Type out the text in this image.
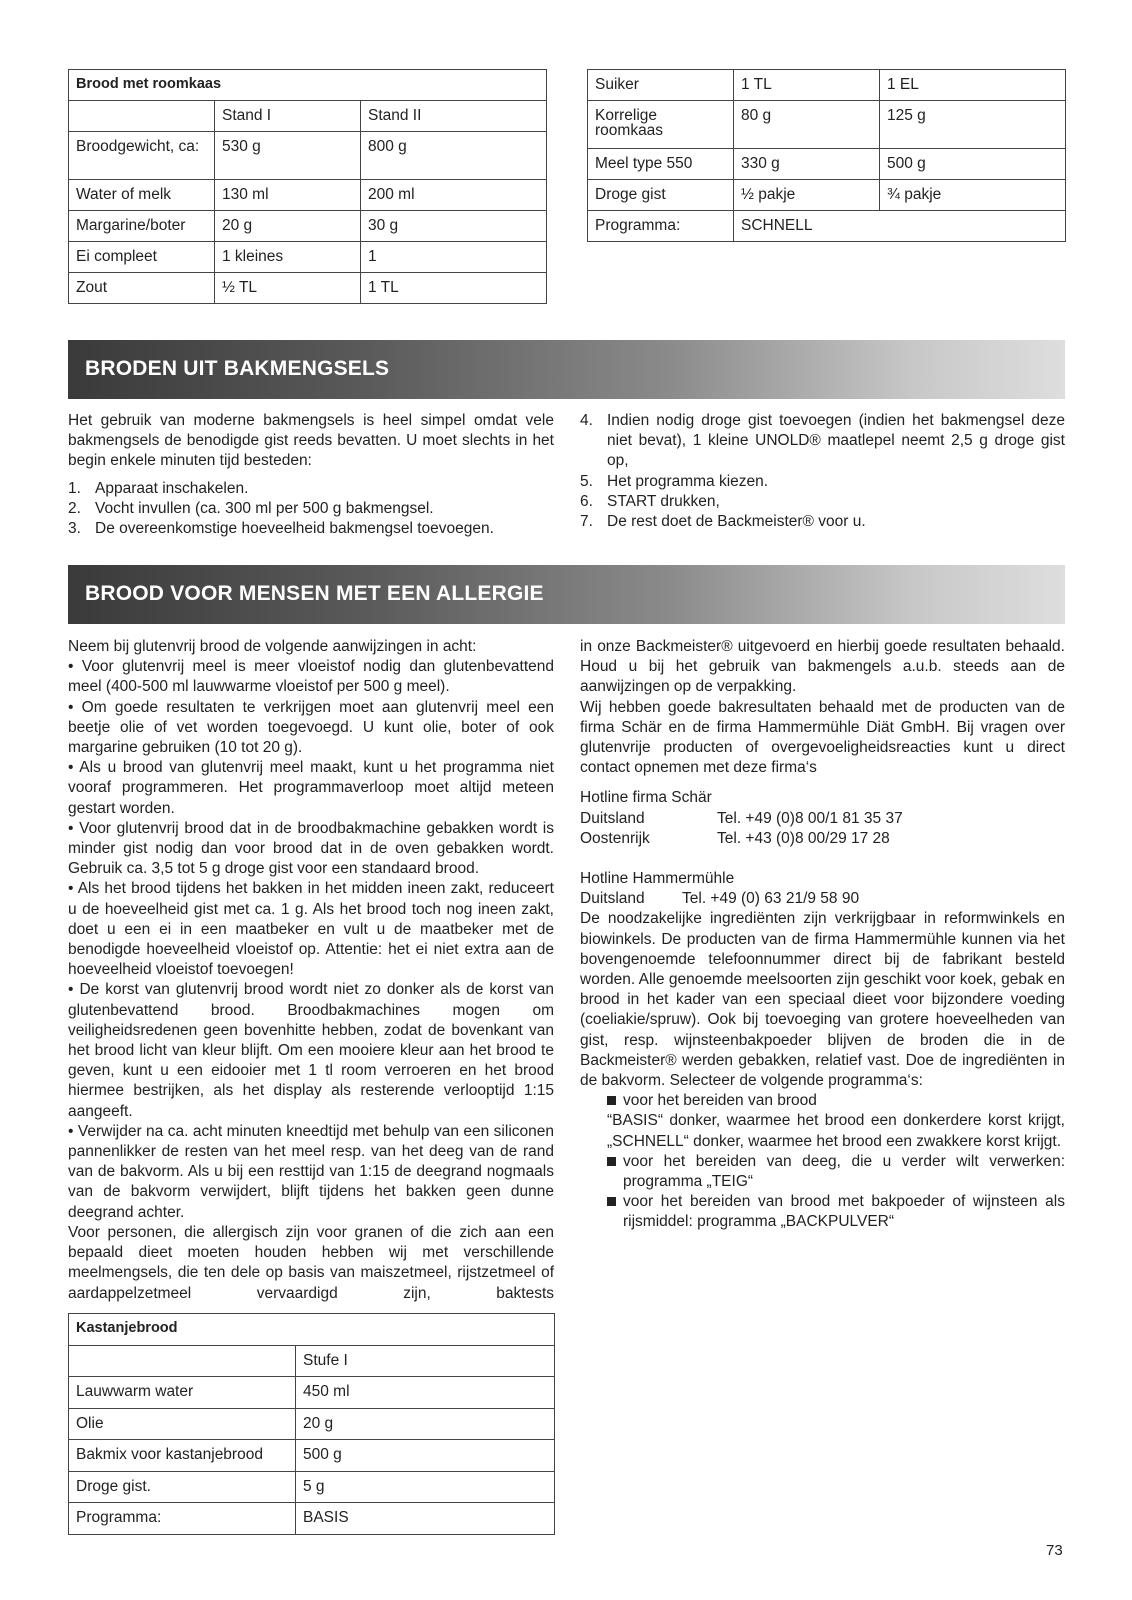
Brood met roomkaas		
	Stand I	Stand II
Broodgewicht, ca:	530 g	800 g
Water of melk	130 ml	200 ml
Margarine/boter	20 g	30 g
Ei compleet	1 kleines	1
Zout	½ TL	1 TL
Suiker	1 TL	1 EL
Korrelige roomkaas	80 g	125 g
Meel type 550	330 g	500 g
Droge gist	½ pakje	¾ pakje
Programma:	SCHNELL	
BRODEN UIT BAKMENGSELS

Het gebruik van moderne bakmengsels is heel simpel omdat vele bakmengsels de benodigde gist reeds bevatten. U moet slechts in het begin enkele minuten tijd besteden:

1. Apparaat inschakelen.
2. Vocht invullen (ca. 300 ml per 500 g bakmengsel.
3. De overeenkomstige hoeveelheid bakmengsel toevoegen.
4. Indien nodig droge gist toevoegen (indien het bakmengsel deze niet bevat), 1 kleine UNOLD® maatlepel neemt 2,5 g droge gist op,
5. Het programma kiezen.
6. START drukken,
7. De rest doet de Backmeister® voor u.
BROOD VOOR MENSEN MET EEN ALLERGIE

Neem bij glutenvrij brood de volgende aanwijzingen in acht:

• Voor glutenvrij meel is meer vloeistof nodig dan glutenbevattend meel (400-500 ml lauwwarme vloeistof per 500 g meel).

• Om goede resultaten te verkrijgen moet aan glutenvrij meel een beetje olie of vet worden toegevoegd. U kunt olie, boter of ook margarine gebruiken (10 tot 20 g).

• Als u brood van glutenvrij meel maakt, kunt u het programma niet vooraf programmeren. Het programmaverloop moet altijd meteen gestart worden.

• Voor glutenvrij brood dat in de broodbakmachine gebakken wordt is minder gist nodig dan voor brood dat in de oven gebakken wordt. Gebruik ca. 3,5 tot 5 g droge gist voor een standaard brood.

• Als het brood tijdens het bakken in het midden ineen zakt, reduceert u de hoeveelheid gist met ca. 1 g. Als het brood toch nog ineen zakt, doet u een ei in een maatbeker en vult u de maatbeker met de benodigde hoeveelheid vloeistof op. Attentie: het ei niet extra aan de hoeveelheid vloeistof toevoegen!

• De korst van glutenvrij brood wordt niet zo donker als de korst van glutenbevattend brood. Broodbakmachines mogen om veiligheidsredenen geen bovenhitte hebben, zodat de bovenkant van het brood licht van kleur blijft. Om een mooiere kleur aan het brood te geven, kunt u een eidooier met 1 tl room verroeren en het brood hiermee bestrijken, als het display als resterende verlooptijd 1:15 aangeeft.

• Verwijder na ca. acht minuten kneedtijd met behulp van een siliconen pannenlikker de resten van het meel resp. van het deeg van de rand van de bakvorm. Als u bij een resttijd van 1:15 de deegrand nogmaals van de bakvorm verwijdert, blijft tijdens het bakken geen dunne deegrand achter.

Voor personen, die allergisch zijn voor granen of die zich aan een bepaald dieet moeten houden hebben wij met verschillende meelmengsels, die ten dele op basis van maiszetmeel, rijstzetmeel of aardappelzetmeel vervaardigd zijn, baktests

in onze Backmeister® uitgevoerd en hierbij goede resultaten behaald. Houd u bij het gebruik van bakmengels a.u.b. steeds aan de aanwijzingen op de verpakking.

Wij hebben goede bakresultaten behaald met de producten van de firma Schär en de firma Hammermühle Diät GmbH. Bij vragen over glutenvrije producten of overgevoeligheidsreacties kunt u direct contact opnemen met deze firma‘s

Hotline firma Schär
Duitsland	Tel. +49 (0)8 00/1 81 35 37
Oostenrijk	Tel. +43 (0)8 00/29 17 28
Hotline Hammermühle
Duitsland	Tel. +49 (0) 63 21/9 58 90

De noodzakelijke ingrediënten zijn verkrijgbaar in reformwinkels en biowinkels. De producten van de firma Hammermühle kunnen via het bovengenoemde telefoonnummer direct bij de fabrikant besteld worden. Alle genoemde meelsoorten zijn geschikt voor koek, gebak en brood in het kader van een speciaal dieet voor bijzondere voeding (coeliakie/spruw). Ook bij toevoeging van grotere hoeveelheden van gist, resp. wijnsteenbakpoeder blijven de broden die in de Backmeister® werden gebakken, relatief vast. Doe de ingrediënten in de bakvorm. Selecteer de volgende programma‘s:

voor het bereiden van brood
“BASIS“ donker, waarmee het brood een donkerdere korst krijgt, „SCHNELL“ donker, waarmee het brood een zwakkere korst krijgt.
voor het bereiden van deeg, die u verder wilt verwerken: programma „TEIG“
voor het bereiden van brood met bakpoeder of wijnsteen als rijsmiddel: programma „BACKPULVER“
Kastanjebrood	
	Stufe I
Lauwwarm water	450 ml
Olie	20 g
Bakmix voor kastanjebrood	500 g
Droge gist.	5 g
Programma:	BASIS
73
